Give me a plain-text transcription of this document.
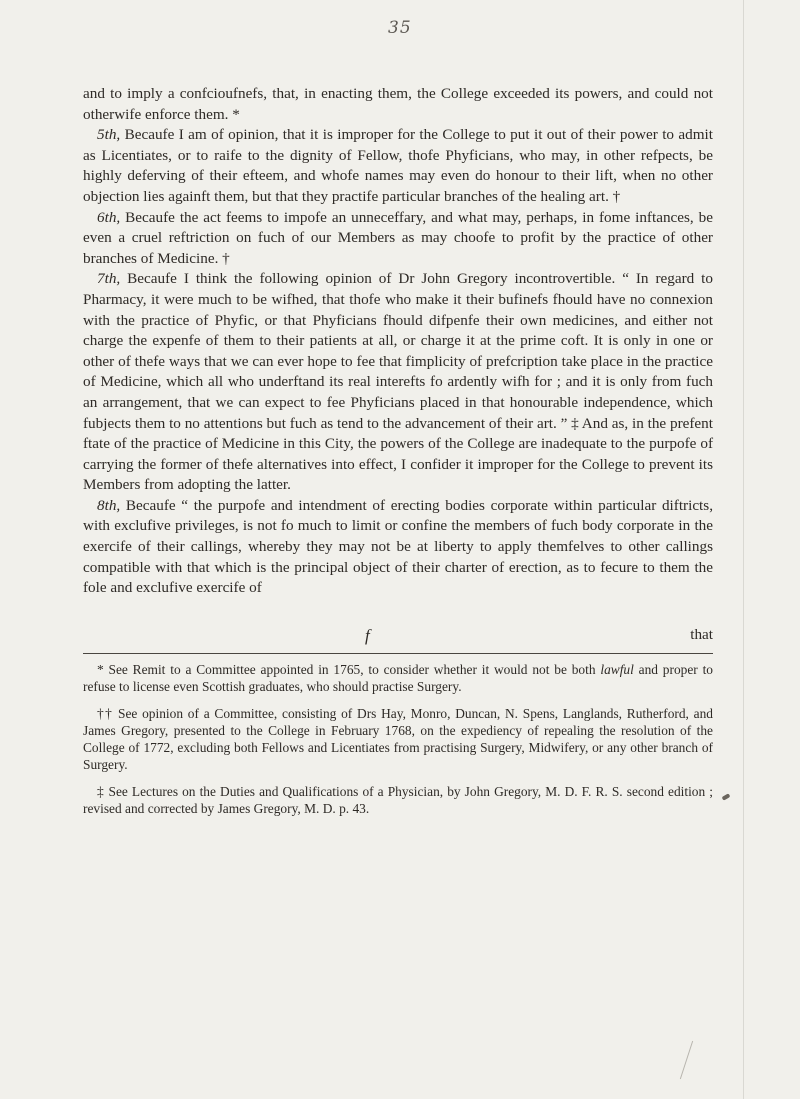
35

and to imply a confcioufnefs, that, in enacting them, the College exceeded its powers, and could not otherwife enforce them. *

5th, Becaufe I am of opinion, that it is improper for the College to put it out of their power to admit as Licentiates, or to raife to the dignity of Fellow, thofe Phyficians, who may, in other refpects, be highly deferving of their efteem, and whofe names may even do honour to their lift, when no other objection lies againft them, but that they practife particular branches of the healing art. †

6th, Becaufe the act feems to impofe an unneceffary, and what may, perhaps, in fome inftances, be even a cruel reftriction on fuch of our Members as may choofe to profit by the practice of other branches of Medicine. †

7th, Becaufe I think the following opinion of Dr John Gregory incontrovertible. “ In regard to Pharmacy, it were much to be wifhed, that thofe who make it their bufinefs fhould have no connexion with the practice of Phyfic, or that Phyficians fhould difpenfe their own medicines, and either not charge the expenfe of them to their patients at all, or charge it at the prime coft. It is only in one or other of thefe ways that we can ever hope to fee that fimplicity of prefcription take place in the practice of Medicine, which all who underftand its real interefts fo ardently wifh for ; and it is only from fuch an arrangement, that we can expect to fee Phyficians placed in that honourable independence, which fubjects them to no attentions but fuch as tend to the advancement of their art. ” ‡ And as, in the prefent ftate of the practice of Medicine in this City, the powers of the College are inadequate to the purpofe of carrying the former of thefe alternatives into effect, I confider it improper for the College to prevent its Members from adopting the latter.

8th, Becaufe “ the purpofe and intendment of erecting bodies corporate within particular diftricts, with exclufive privileges, is not fo much to limit or confine the members of fuch body corporate in the exercife of their callings, whereby they may not be at liberty to apply themfelves to other callings compatible with that which is the principal object of their charter of erection, as to fecure to them the fole and exclufive exercife of

f	that

* See Remit to a Committee appointed in 1765, to consider whether it would not be both lawful and proper to refuse to license even Scottish graduates, who should practise Surgery.

†† See opinion of a Committee, consisting of Drs Hay, Monro, Duncan, N. Spens, Langlands, Rutherford, and James Gregory, presented to the College in February 1768, on the expediency of repealing the resolution of the College of 1772, excluding both Fellows and Licentiates from practising Surgery, Midwifery, or any other branch of Surgery.

‡ See Lectures on the Duties and Qualifications of a Physician, by John Gregory, M. D. F. R. S. second edition ; revised and corrected by James Gregory, M. D. p. 43.
